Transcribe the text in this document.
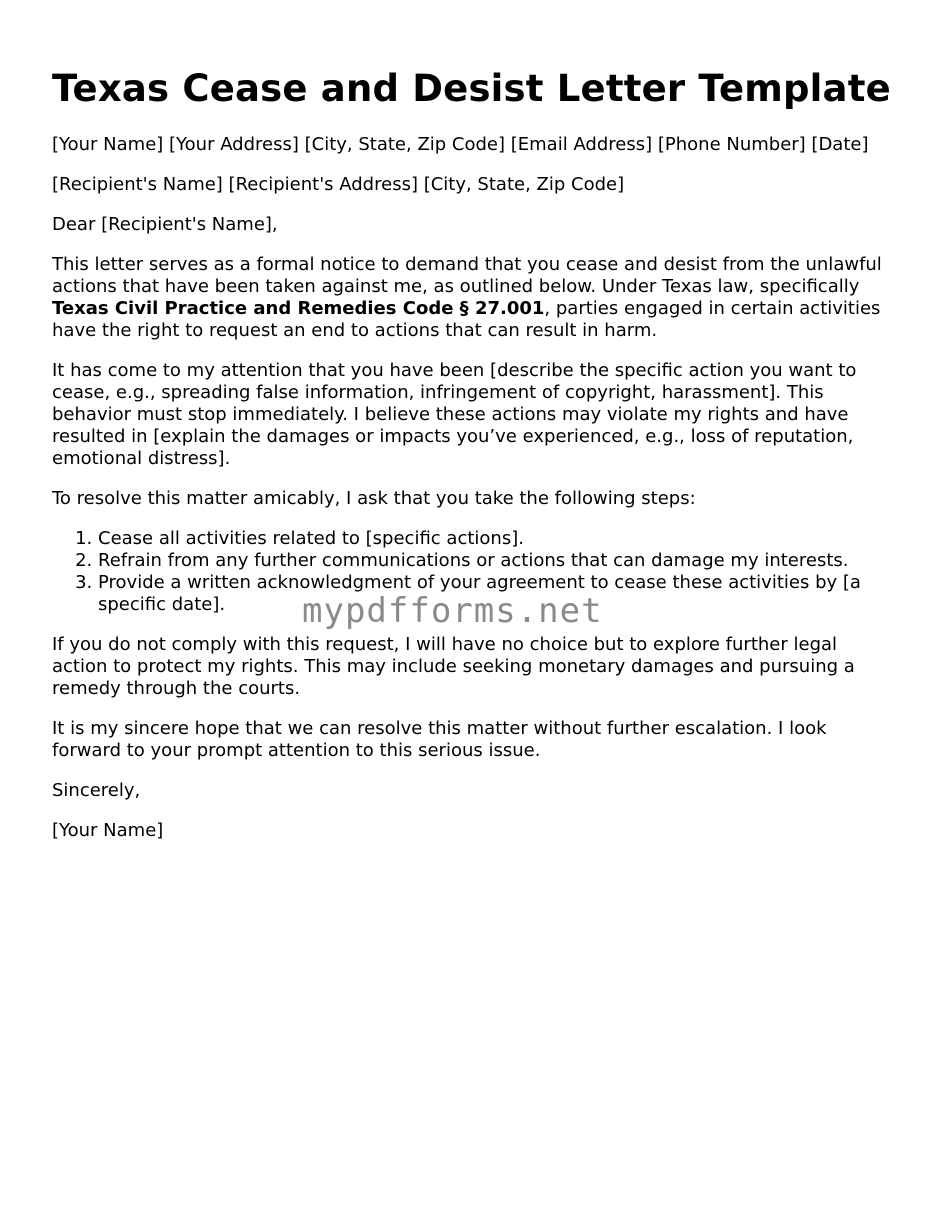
Texas Cease and Desist Letter Template

[Your Name] [Your Address] [City, State, Zip Code] [Email Address] [Phone Number] [Date]

[Recipient's Name] [Recipient's Address] [City, State, Zip Code]

Dear [Recipient's Name],

This letter serves as a formal notice to demand that you cease and desist from the unlawful actions that have been taken against me, as outlined below. Under Texas law, specifically Texas Civil Practice and Remedies Code § 27.001, parties engaged in certain activities have the right to request an end to actions that can result in harm.

It has come to my attention that you have been [describe the specific action you want to cease, e.g., spreading false information, infringement of copyright, harassment]. This behavior must stop immediately. I believe these actions may violate my rights and have resulted in [explain the damages or impacts you’ve experienced, e.g., loss of reputation, emotional distress].

To resolve this matter amicably, I ask that you take the following steps:

1. Cease all activities related to [specific actions].
2. Refrain from any further communications or actions that can damage my interests.
3. Provide a written acknowledgment of your agreement to cease these activities by [a specific date].

If you do not comply with this request, I will have no choice but to explore further legal action to protect my rights. This may include seeking monetary damages and pursuing a remedy through the courts.

It is my sincere hope that we can resolve this matter without further escalation. I look forward to your prompt attention to this serious issue.

Sincerely,

[Your Name]

mypdfforms.net
